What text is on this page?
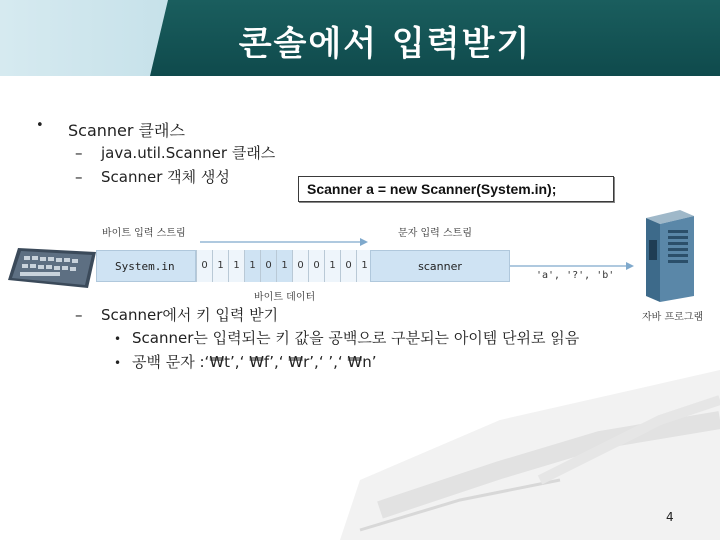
콘솔에서 입력받기
• Scanner 클래스
– java.util.Scanner 클래스
– Scanner 객체 생성
Scanner a = new Scanner(System.in);
바이트 입력 스트림	문자 입력 스트림
System.in	0 1 1 1 0 1 0 0 1 0 1
바이트 데이터
scanner
'a', '?', 'b'
자바 프로그램
– Scanner에서 키 입력 받기
• Scanner는 입력되는 키 값을 공백으로 구분되는 아이템 단위로 읽음
• 공백 문자 :‘₩t’,‘ ₩f’,‘ ₩r’,‘ ’,‘ ₩n’
4
